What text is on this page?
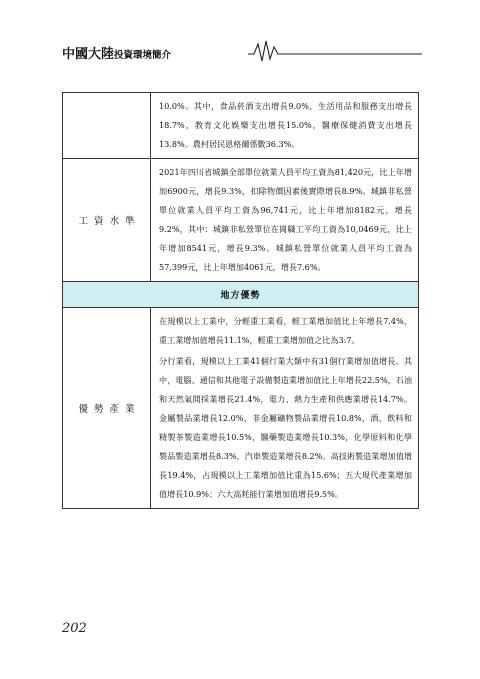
中國大陸投資環境簡介

	10.0%。其中，食品菸酒支出增長9.0%，生活用品和服務支出增長18.7%，教育文化娛樂支出增長15.0%，醫療保健消費支出增長13.8%。農村居民恩格爾係數36.3%。

工資水準	2021年四川省城鎮全部單位就業人員平均工資為81,420元，比上年增加6900元，增長9.3%，扣除物價因素後實際增長8.9%。城鎮非私營單位就業人員平均工資為96,741元，比上年增加8182元，增長9.2%，其中：城鎮非私營單位在崗職工平均工資為10,0469元，比上年增加8541元，增長9.3%。城鎮私營單位就業人員平均工資為57,399元，比上年增加4061元，增長7.6%。

地方優勢	
優勢產業	在規模以上工業中，分輕重工業看，輕工業增加值比上年增長7.4%，重工業增加值增長11.1%，輕重工業增加值之比為3:7。

分行業看，規模以上工業41個行業大類中有31個行業增加值增長。其中，電腦、通信和其他電子設備製造業增加值比上年增長22.5%，石油和天然氣開採業增長21.4%，電力、熱力生產和供應業增長14.7%。金屬製品業增長12.0%，非金屬礦物製品業增長10.8%，酒、飲料和精製茶製造業增長10.5%，醫藥製造業增長10.3%，化學原料和化學製品製造業增長8.3%，汽車製造業增長8.2%。高技術製造業增加值增長19.4%，占規模以上工業增加值比重為15.6%；五大現代產業增加值增長10.9%；六大高耗能行業增加值增長9.5%。

202
